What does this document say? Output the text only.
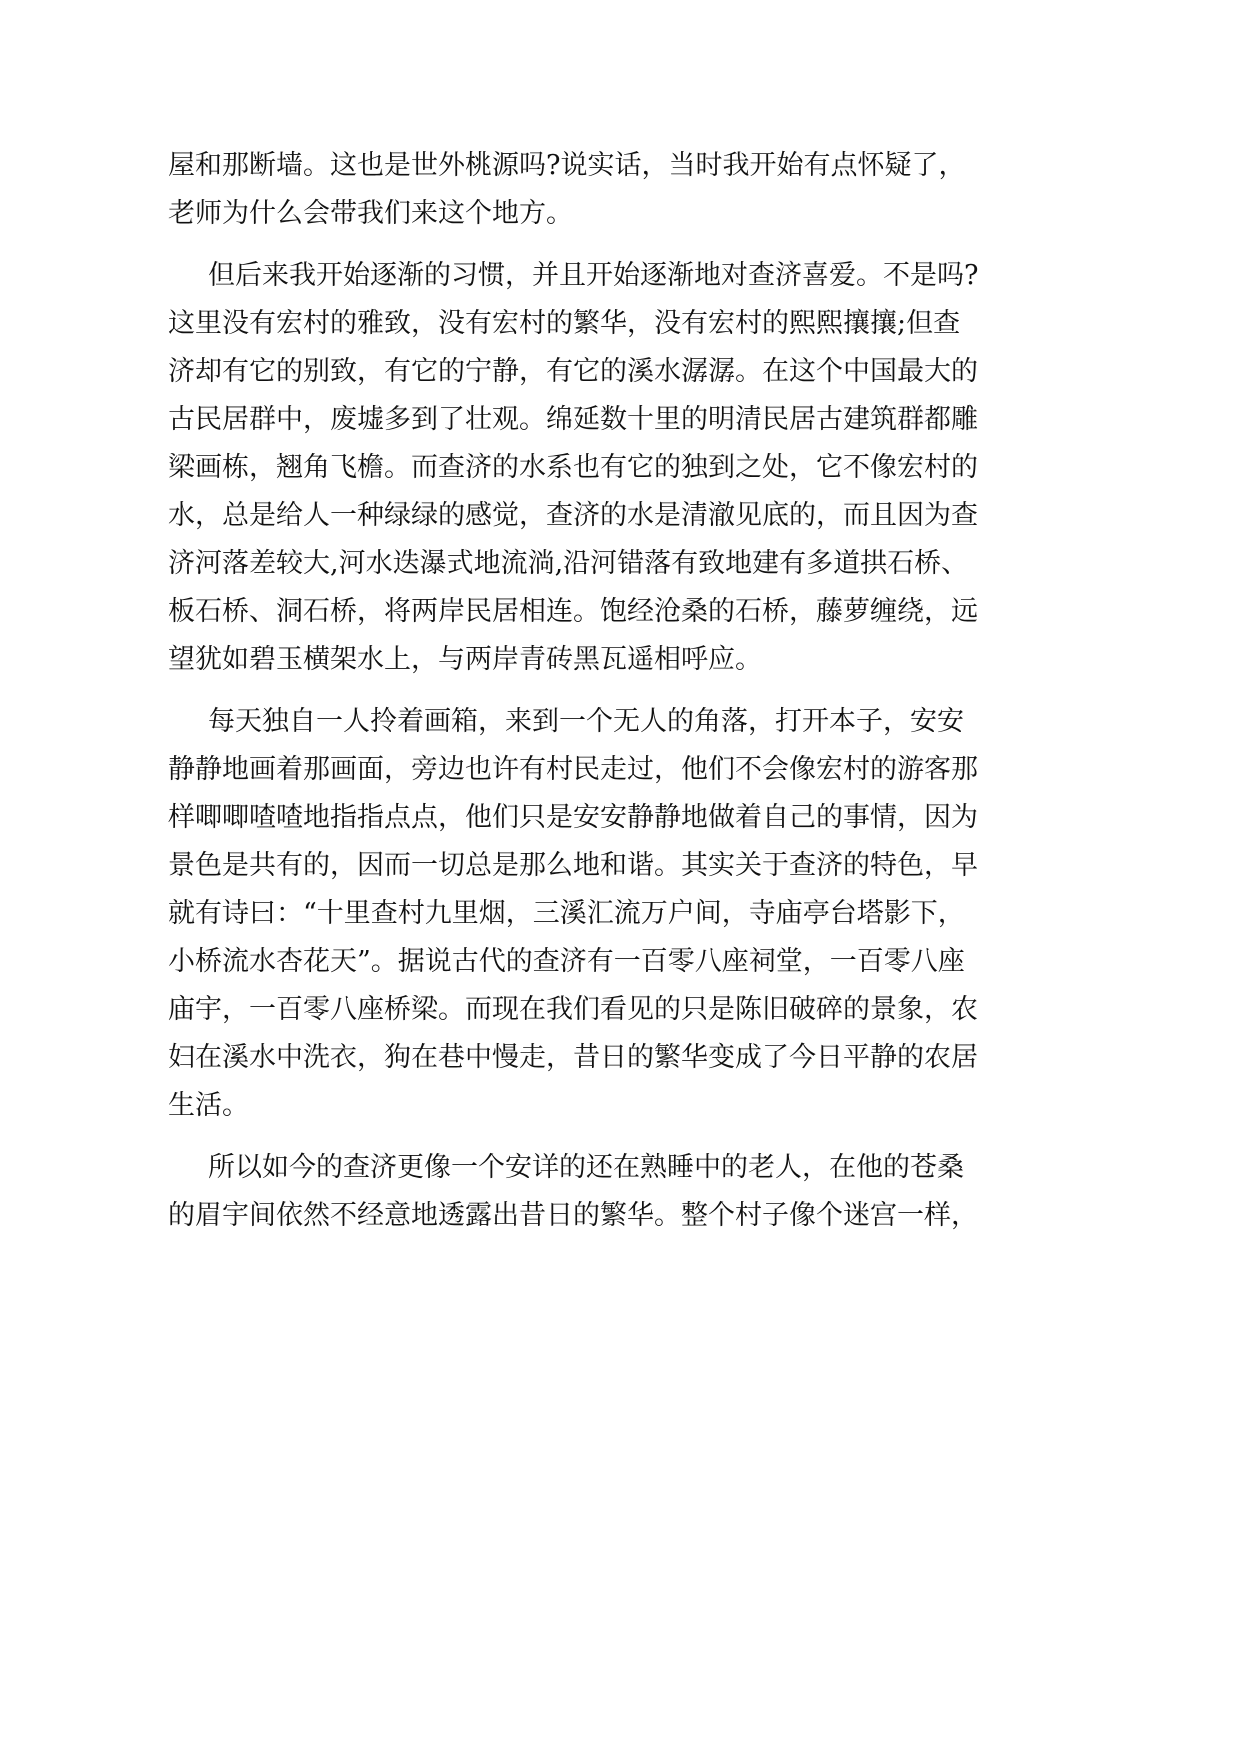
屋和那断墙。这也是世外桃源吗?说实话，当时我开始有点怀疑了，
老师为什么会带我们来这个地方。
但后来我开始逐渐的习惯，并且开始逐渐地对查济喜爱。不是吗?
这里没有宏村的雅致，没有宏村的繁华，没有宏村的熙熙攘攘;但查
济却有它的别致，有它的宁静，有它的溪水潺潺。在这个中国最大的
古民居群中，废墟多到了壮观。绵延数十里的明清民居古建筑群都雕
梁画栋，翘角飞檐。而查济的水系也有它的独到之处，它不像宏村的
水，总是给人一种绿绿的感觉，查济的水是清澈见底的，而且因为查
济河落差较大,河水迭瀑式地流淌,沿河错落有致地建有多道拱石桥、
板石桥、洞石桥，将两岸民居相连。饱经沧桑的石桥，藤萝缠绕，远
望犹如碧玉横架水上，与两岸青砖黑瓦遥相呼应。
每天独自一人拎着画箱，来到一个无人的角落，打开本子，安安
静静地画着那画面，旁边也许有村民走过，他们不会像宏村的游客那
样唧唧喳喳地指指点点，他们只是安安静静地做着自己的事情，因为
景色是共有的，因而一切总是那么地和谐。其实关于查济的特色，早
就有诗曰：“十里查村九里烟，三溪汇流万户间，寺庙亭台塔影下，
小桥流水杏花天”。据说古代的查济有一百零八座祠堂，一百零八座
庙宇，一百零八座桥梁。而现在我们看见的只是陈旧破碎的景象，农
妇在溪水中洗衣，狗在巷中慢走，昔日的繁华变成了今日平静的农居
生活。
所以如今的查济更像一个安详的还在熟睡中的老人，在他的苍桑
的眉宇间依然不经意地透露出昔日的繁华。整个村子像个迷宫一样，
